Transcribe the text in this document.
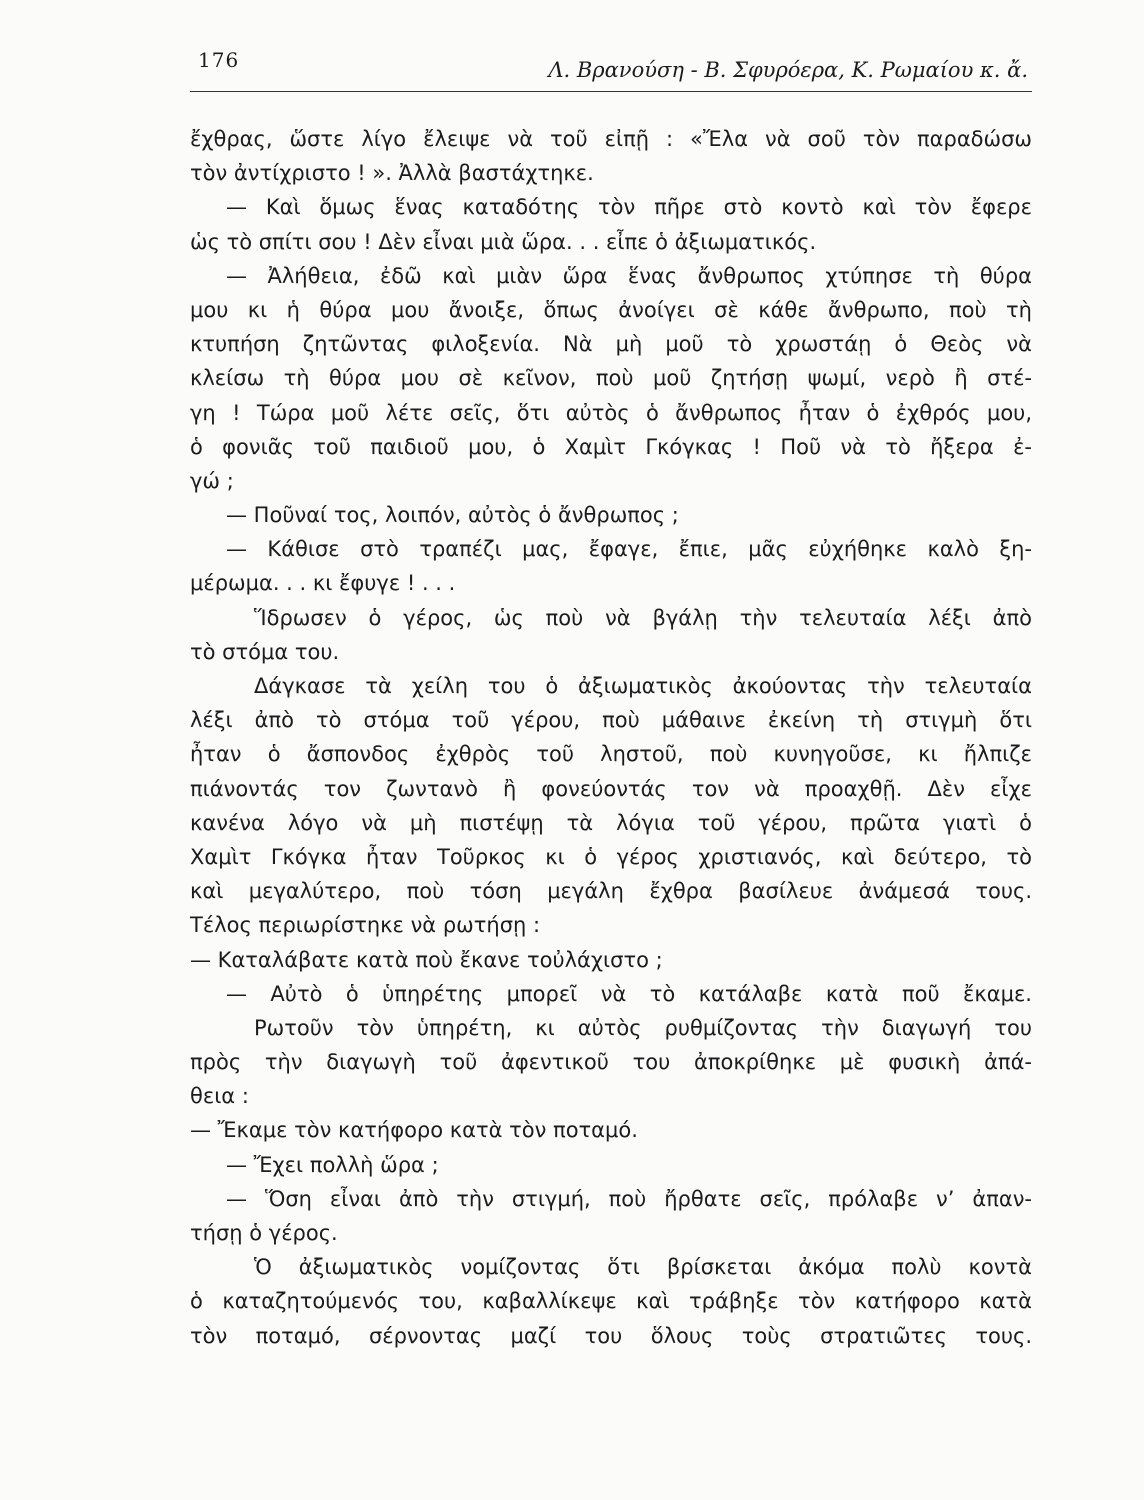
176	Λ. Βρανούση - Β. Σφυρόερα, Κ. Ρωμαίου κ. ἄ.
ἔχθρας, ὥστε λίγο ἔλειψε νὰ τοῦ εἰπῇ : «Ἔλα νὰ σοῦ τὸν παραδώσω
τὸν ἀντίχριστο ! ». Ἀλλὰ βαστάχτηκε.
— Καὶ ὅμως ἕνας καταδότης τὸν πῆρε στὸ κοντὸ καὶ τὸν ἔφερε
ὡς τὸ σπίτι σου ! Δὲν εἶναι μιὰ ὥρα. . . εἶπε ὁ ἀξιωματικός.
— Ἀλήθεια, ἐδῶ καὶ μιὰν ὥρα ἕνας ἄνθρωπος χτύπησε τὴ θύρα
μου κι ἡ θύρα μου ἄνοιξε, ὅπως ἀνοίγει σὲ κάθε ἄνθρωπο, ποὺ τὴ
κτυπήση ζητῶντας φιλοξενία. Νὰ μὴ μοῦ τὸ χρωστάῃ ὁ Θεὸς νὰ
κλείσω τὴ θύρα μου σὲ κεῖνον, ποὺ μοῦ ζητήσῃ ψωμί, νερὸ ἢ στέ-
γη ! Τώρα μοῦ λέτε σεῖς, ὅτι αὐτὸς ὁ ἄνθρωπος ἦταν ὁ ἐχθρός μου,
ὁ φονιᾶς τοῦ παιδιοῦ μου, ὁ Χαμὶτ Γκόγκας ! Ποῦ νὰ τὸ ἤξερα ἐ-
γώ ;
— Ποῦναί τος, λοιπόν, αὐτὸς ὁ ἄνθρωπος ;
— Κάθισε στὸ τραπέζι μας, ἔφαγε, ἔπιε, μᾶς εὐχήθηκε καλὸ ξη-
μέρωμα. . . κι ἔφυγε ! . . .
Ἵδρωσεν ὁ γέρος, ὡς ποὺ νὰ βγάλῃ τὴν τελευταία λέξι ἀπὸ
τὸ στόμα του.
Δάγκασε τὰ χείλη του ὁ ἀξιωματικὸς ἀκούοντας τὴν τελευταία
λέξι ἀπὸ τὸ στόμα τοῦ γέρου, ποὺ μάθαινε ἐκείνη τὴ στιγμὴ ὅτι
ἦταν ὁ ἄσπονδος ἐχθρὸς τοῦ ληστοῦ, ποὺ κυνηγοῦσε, κι ἤλπιζε
πιάνοντάς τον ζωντανὸ ἢ φονεύοντάς τον νὰ προαχθῇ. Δὲν εἶχε
κανένα λόγο νὰ μὴ πιστέψῃ τὰ λόγια τοῦ γέρου, πρῶτα γιατὶ ὁ
Χαμὶτ Γκόγκα ἦταν Τοῦρκος κι ὁ γέρος χριστιανός, καὶ δεύτερο, τὸ
καὶ μεγαλύτερο, ποὺ τόση μεγάλη ἔχθρα βασίλευε ἀνάμεσά τους.
Τέλος περιωρίστηκε νὰ ρωτήσῃ :
— Καταλάβατε κατὰ ποὺ ἔκανε τοὐλάχιστο ;
— Αὐτὸ ὁ ὑπηρέτης μπορεῖ νὰ τὸ κατάλαβε κατὰ ποῦ ἔκαμε.
Ρωτοῦν τὸν ὑπηρέτη, κι αὐτὸς ρυθμίζοντας τὴν διαγωγή του
πρὸς τὴν διαγωγὴ τοῦ ἀφεντικοῦ του ἀποκρίθηκε μὲ φυσικὴ ἀπά-
θεια :
— Ἔκαμε τὸν κατήφορο κατὰ τὸν ποταμό.
— Ἔχει πολλὴ ὥρα ;
— Ὅση εἶναι ἀπὸ τὴν στιγμή, ποὺ ἤρθατε σεῖς, πρόλαβε ν’ ἀπαν-
τήσῃ ὁ γέρος.
Ὁ ἀξιωματικὸς νομίζοντας ὅτι βρίσκεται ἀκόμα πολὺ κοντὰ
ὁ καταζητούμενός του, καβαλλίκεψε καὶ τράβηξε τὸν κατήφορο κατὰ
τὸν ποταμό, σέρνοντας μαζί του ὅλους τοὺς στρατιῶτες τους.
